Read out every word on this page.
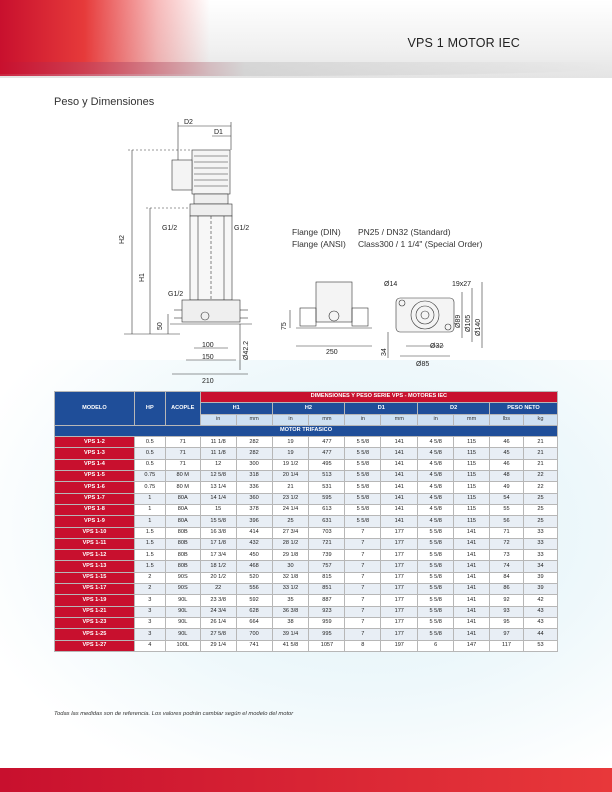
VPS 1 MOTOR IEC
Peso y Dimensiones
D2
D1
G1/2	G1/2
G1/2
H2
H1
50
100
150
210
Ø42.2
75
250
Ø14	19x27
Ø89 Ø105 Ø140
Ø32
34
Ø85
Flange (DIN)	PN25 / DN32 (Standard)
Flange (ANSI)	Class300 / 1 1/4" (Special Order)
MODELO	HP	ACOPLE	DIMENSIONES Y PESO SERIE VPS - MOTORES IEC									
			H1		H2		D1		D2		PESO NETO	
			in	mm	in	mm	in	mm	in	mm	lbs	kg
MOTOR TRIFASICO												
VPS 1-2	0.5	71	11 1/8	282	19	477	5 5/8	141	4 5/8	115	46	21
VPS 1-3	0.5	71	11 1/8	282	19	477	5 5/8	141	4 5/8	115	45	21
VPS 1-4	0.5	71	12	300	19 1/2	495	5 5/8	141	4 5/8	115	46	21
VPS 1-5	0.75	80 M	12 5/8	318	20 1/4	513	5 5/8	141	4 5/8	115	48	22
VPS 1-6	0.75	80 M	13 1/4	336	21	531	5 5/8	141	4 5/8	115	49	22
VPS 1-7	1	80A	14 1/4	360	23 1/2	595	5 5/8	141	4 5/8	115	54	25
VPS 1-8	1	80A	15	378	24 1/4	613	5 5/8	141	4 5/8	115	55	25
VPS 1-9	1	80A	15 5/8	396	25	631	5 5/8	141	4 5/8	115	56	25
VPS 1-10	1.5	80B	16 3/8	414	27 3/4	703	7	177	5 5/8	141	71	33
VPS 1-11	1.5	80B	17 1/8	432	28 1/2	721	7	177	5 5/8	141	72	33
VPS 1-12	1.5	80B	17 3/4	450	29 1/8	739	7	177	5 5/8	141	73	33
VPS 1-13	1.5	80B	18 1/2	468	30	757	7	177	5 5/8	141	74	34
VPS 1-15	2	90S	20 1/2	520	32 1/8	815	7	177	5 5/8	141	84	39
VPS 1-17	2	90S	22	556	33 1/2	851	7	177	5 5/8	141	86	39
VPS 1-19	3	90L	23 3/8	592	35	887	7	177	5 5/8	141	92	42
VPS 1-21	3	90L	24 3/4	628	36 3/8	923	7	177	5 5/8	141	93	43
VPS 1-23	3	90L	26 1/4	664	38	959	7	177	5 5/8	141	95	43
VPS 1-25	3	90L	27 5/8	700	39 1/4	995	7	177	5 5/8	141	97	44
VPS 1-27	4	100L	29 1/4	741	41 5/8	1057	8	197	6	147	117	53
Todas las medidas son de referencia. Los valores podrán cambiar según el modelo del motor
